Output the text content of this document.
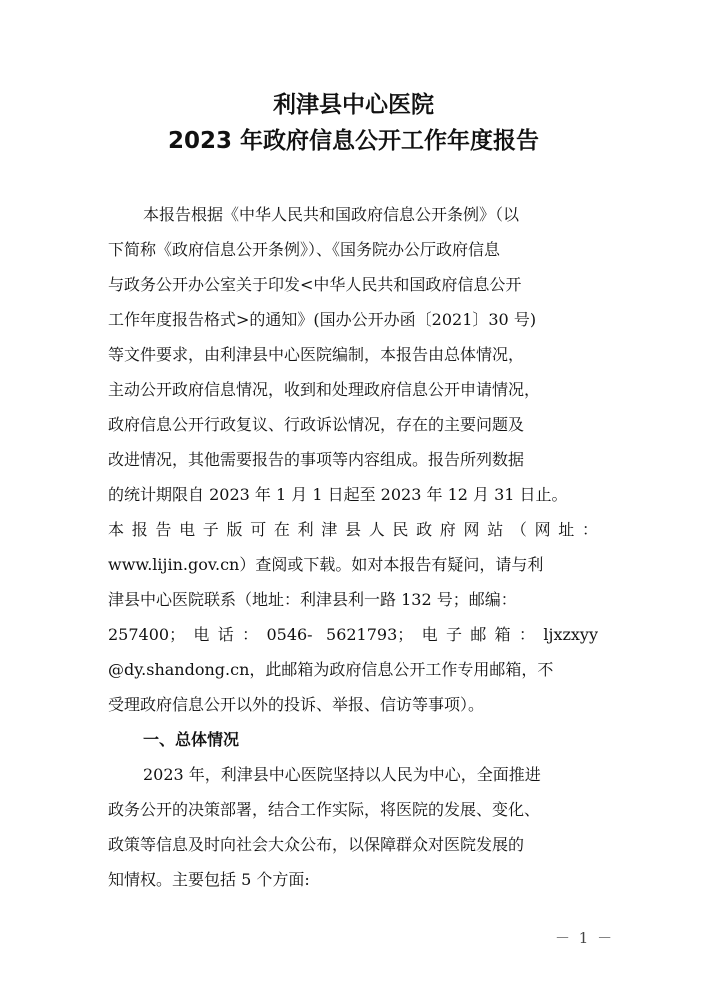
利津县中心医院
2023 年政府信息公开工作年度报告
本报告根据《中华人民共和国政府信息公开条例》（以
下简称《政府信息公开条例》）、《国务院办公厅政府信息
与政务公开办公室关于印发<中华人民共和国政府信息公开
工作年度报告格式>的通知》(国办公开办函〔2021〕30 号)
等文件要求，由利津县中心医院编制，本报告由总体情况，
主动公开政府信息情况，收到和处理政府信息公开申请情况，
政府信息公开行政复议、行政诉讼情况，存在的主要问题及
改进情况，其他需要报告的事项等内容组成。报告所列数据
的统计期限自 2023 年 1 月 1 日起至 2023 年 12 月 31 日止。
本报告电子版可在利津县人民政府网站（网址：
www.lijin.gov.cn）查阅或下载。如对本报告有疑问，请与利
津县中心医院联系（地址：利津县利一路 132 号；邮编：
257400；电话：0546- 5621793；电子邮箱：ljxzxyy
@dy.shandong.cn，此邮箱为政府信息公开工作专用邮箱，不
受理政府信息公开以外的投诉、举报、信访等事项）。
一、总体情况
2023 年，利津县中心医院坚持以人民为中心，全面推进
政务公开的决策部署，结合工作实际，将医院的发展、变化、
政策等信息及时向社会大众公布，以保障群众对医院发展的
知情权。主要包括 5 个方面:
－ 1 －
